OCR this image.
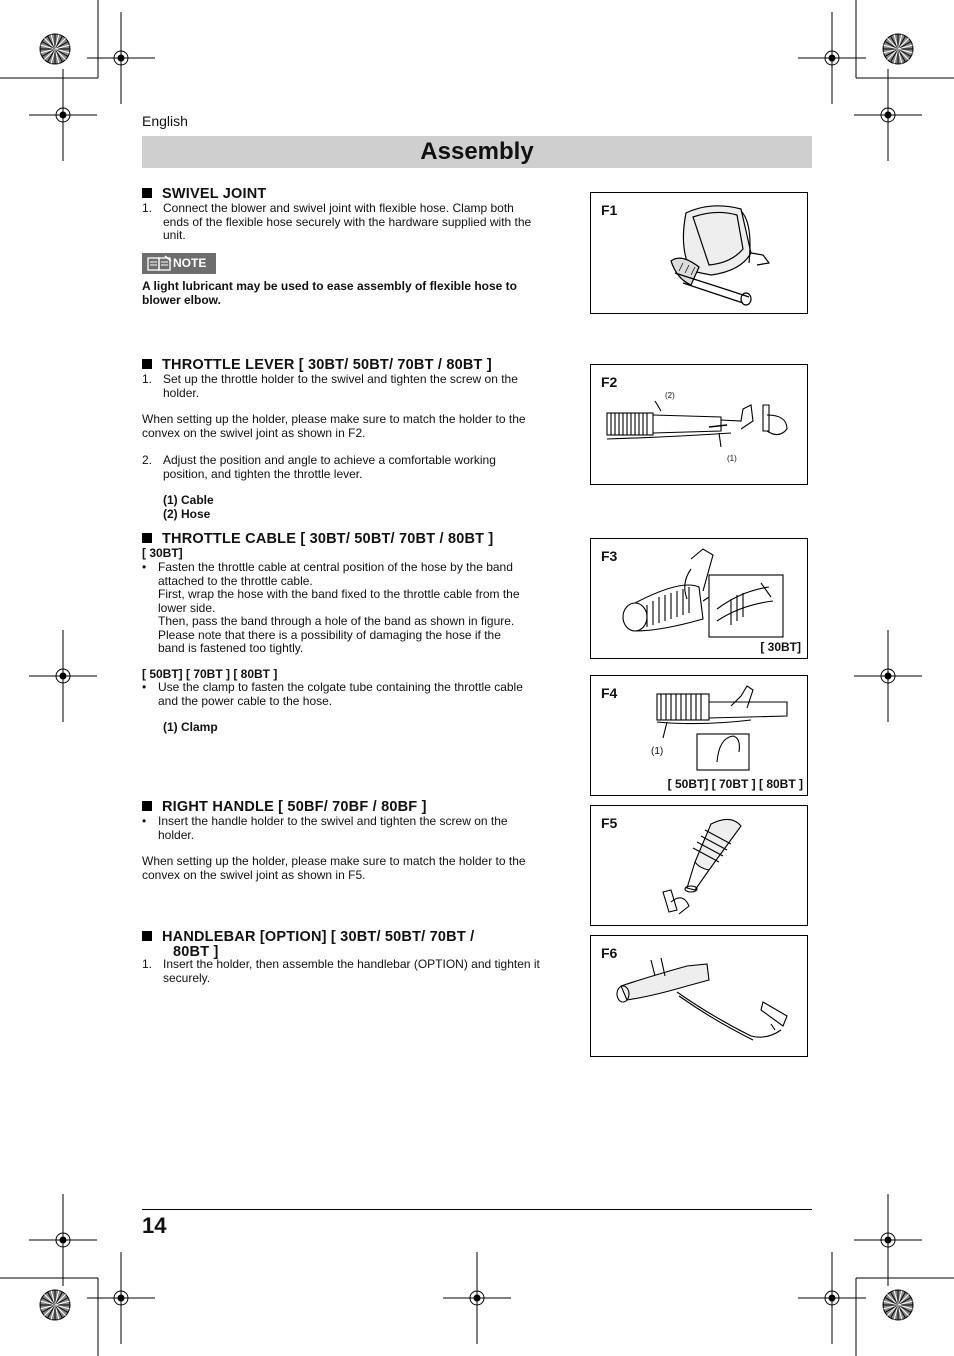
English
Assembly
SWIVEL JOINT
1. Connect the blower and swivel joint with flexible hose. Clamp both
ends of the flexible hose securely with the hardware supplied with the
unit.
NOTE
A light lubricant may be used to ease assembly of flexible hose to
blower elbow.
THROTTLE LEVER [ 30BT/ 50BT/ 70BT / 80BT ]
1. Set up the throttle holder to the swivel and tighten the screw on the
holder.
When setting up the holder, please make sure to match the holder to the
convex on the swivel joint as shown in F2.
2. Adjust the position and angle to achieve a comfortable working
position, and tighten the throttle lever.
(1) Cable
(2) Hose
THROTTLE CABLE [ 30BT/ 50BT/ 70BT / 80BT ]
[ 30BT]
• Fasten the throttle cable at central position of the hose by the band
attached to the throttle cable.
First, wrap the hose with the band fixed to the throttle cable from the
lower side.
Then, pass the band through a hole of the band as shown in figure.
Please note that there is a possibility of damaging the hose if the
band is fastened too tightly.
[ 50BT] [ 70BT ] [ 80BT ]
• Use the clamp to fasten the colgate tube containing the throttle cable
and the power cable to the hose.
(1) Clamp
RIGHT HANDLE [ 50BF/ 70BF / 80BF ]
• Insert the handle holder to the swivel and tighten the screw on the
holder.
When setting up the holder, please make sure to match the holder to the
convex on the swivel joint as shown in F5.
HANDLEBAR [OPTION] [ 30BT/ 50BT/ 70BT /
80BT ]
1. Insert the holder, then assemble the handlebar (OPTION) and tighten it
securely.
F1
F2
(2)
(1)
F3
[ 30BT]
F4
(1)
[ 50BT] [ 70BT ] [ 80BT ]
F5
F6
14
